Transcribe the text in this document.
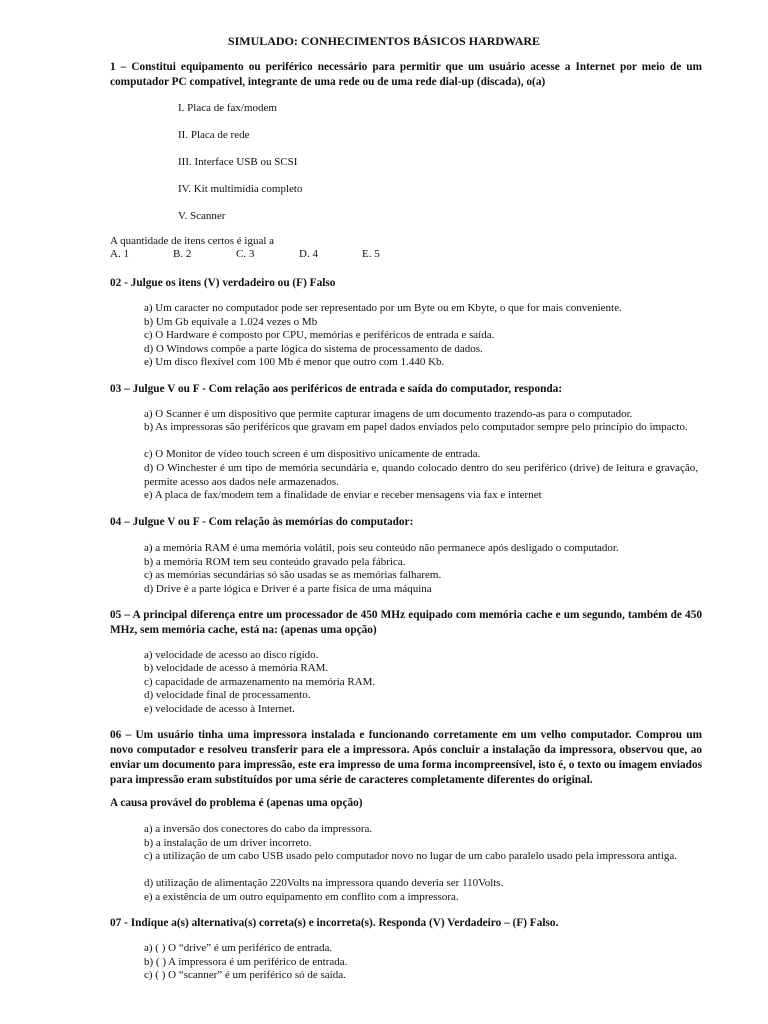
SIMULADO: CONHECIMENTOS BÁSICOS HARDWARE
1 – Constitui equipamento ou periférico necessário para permitir que um usuário acesse a Internet por meio de um computador PC compatível, integrante de uma rede ou de uma rede dial-up (discada), o(a)
I. Placa de fax/modem
II. Placa de rede
III. Interface USB ou SCSI
IV. Kit multimídia completo
V. Scanner
A quantidade de itens certos é igual a
A. 1	B. 2	C. 3	D. 4	E. 5
02 - Julgue os itens (V) verdadeiro ou (F) Falso
a) Um caracter no computador pode ser representado por um Byte ou em Kbyte, o que for mais conveniente.
b) Um Gb equivale a 1.024 vezes o Mb
c) O Hardware é composto por CPU, memórias e periféricos de entrada e saída.
d) O Windows compõe a parte lógica do sistema de processamento de dados.
e) Um disco flexível com 100 Mb é menor que outro com 1.440 Kb.
03 – Julgue V ou F - Com relação aos periféricos de entrada e saída do computador, responda:
a) O Scanner é um dispositivo que permite capturar imagens de um documento trazendo-as para o computador.
b) As impressoras são periféricos que gravam em papel dados enviados pelo computador sempre pelo princípio do impacto.
c) O Monitor de vídeo touch screen é um dispositivo unicamente de entrada.
d) O Winchester é um tipo de memória secundária e, quando colocado dentro do seu periférico (drive) de leitura e gravação, permite acesso aos dados nele armazenados.
e) A placa de fax/modem tem a finalidade de enviar e receber mensagens via fax e internet
04 – Julgue V ou F - Com relação às memórias do computador:
a) a memória RAM é uma memória volátil, pois seu conteúdo não permanece após desligado o computador.
b) a memória ROM tem seu conteúdo gravado pela fábrica.
c) as memórias secundárias só são usadas se as memórias falharem.
d) Drive é a parte lógica e Driver é a parte física de uma máquina
05 – A principal diferença entre um processador de 450 MHz equipado com memória cache e um segundo, também de 450 MHz, sem memória cache, está na: (apenas uma opção)
a) velocidade de acesso ao disco rígido.
b) velocidade de acesso à memória RAM.
c) capacidade de armazenamento na memória RAM.
d) velocidade final de processamento.
e) velocidade de acesso à Internet.
06 – Um usuário tinha uma impressora instalada e funcionando corretamente em um velho computador. Comprou um novo computador e resolveu transferir para ele a impressora. Após concluir a instalação da impressora, observou que, ao enviar um documento para impressão, este era impresso de uma forma incompreensível, isto é, o texto ou imagem enviados para impressão eram substituídos por uma série de caracteres completamente diferentes do original.
A causa provável do problema é (apenas uma opção)
a) a inversão dos conectores do cabo da impressora.
b) a instalação de um driver incorreto.
c) a utilização de um cabo USB usado pelo computador novo no lugar de um cabo paralelo usado pela impressora antiga.
d) utilização de alimentação 220Volts na impressora quando deveria ser 110Volts.
e) a existência de um outro equipamento em conflito com a impressora.
07 - Indique a(s) alternativa(s) correta(s) e incorreta(s). Responda (V) Verdadeiro – (F) Falso.
a) ( ) O “drive” é um periférico de entrada.
b) ( ) A impressora é um periférico de entrada.
c) ( ) O “scanner” é um periférico só de saída.
